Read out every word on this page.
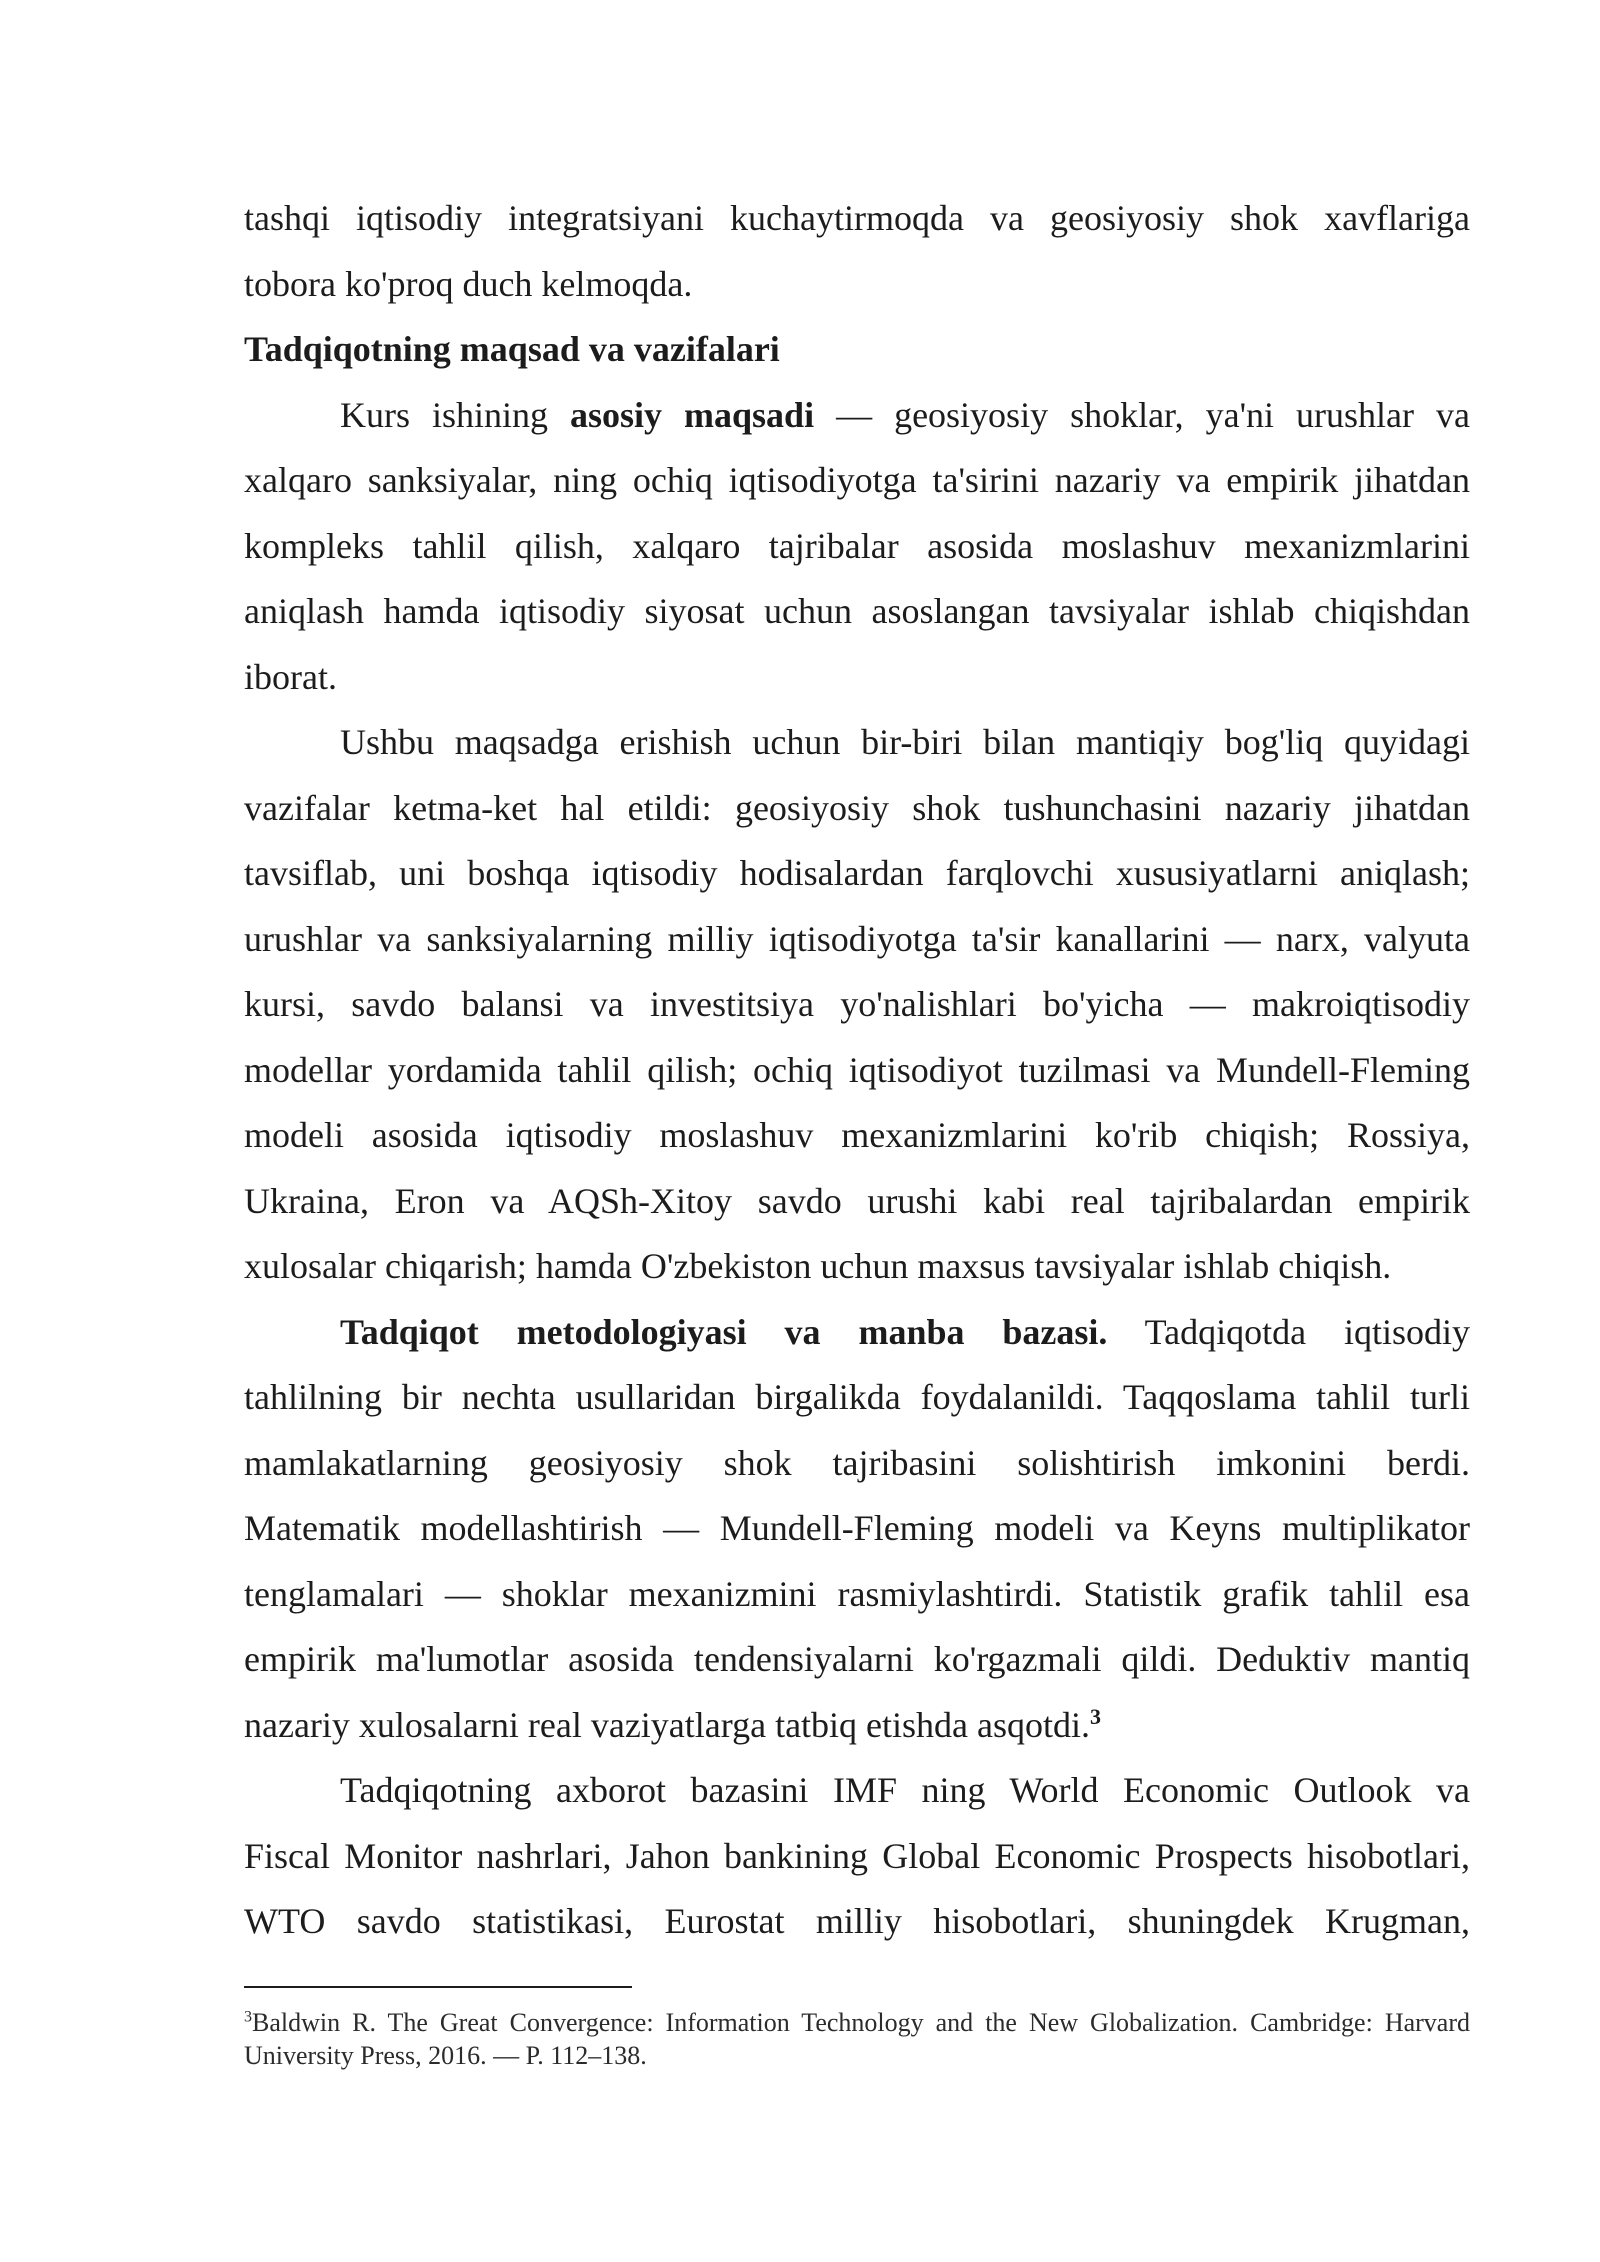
tashqi iqtisodiy integratsiyani kuchaytirmoqda va geosiyosiy shok xavflariga
tobora ko'proq duch kelmoqda.
Tadqiqotning maqsad va vazifalari
Kurs ishining asosiy maqsadi — geosiyosiy shoklar, ya'ni urushlar va
xalqaro sanksiyalar, ning ochiq iqtisodiyotga ta'sirini nazariy va empirik jihatdan
kompleks tahlil qilish, xalqaro tajribalar asosida moslashuv mexanizmlarini
aniqlash hamda iqtisodiy siyosat uchun asoslangan tavsiyalar ishlab chiqishdan
iborat.
Ushbu maqsadga erishish uchun bir-biri bilan mantiqiy bog'liq quyidagi
vazifalar ketma-ket hal etildi: geosiyosiy shok tushunchasini nazariy jihatdan
tavsiflab, uni boshqa iqtisodiy hodisalardan farqlovchi xususiyatlarni aniqlash;
urushlar va sanksiyalarning milliy iqtisodiyotga ta'sir kanallarini — narx, valyuta
kursi, savdo balansi va investitsiya yo'nalishlari bo'yicha — makroiqtisodiy
modellar yordamida tahlil qilish; ochiq iqtisodiyot tuzilmasi va Mundell-Fleming
modeli asosida iqtisodiy moslashuv mexanizmlarini ko'rib chiqish; Rossiya,
Ukraina, Eron va AQSh-Xitoy savdo urushi kabi real tajribalardan empirik
xulosalar chiqarish; hamda O'zbekiston uchun maxsus tavsiyalar ishlab chiqish.
Tadqiqot metodologiyasi va manba bazasi. Tadqiqotda iqtisodiy
tahlilning bir nechta usullaridan birgalikda foydalanildi. Taqqoslama tahlil turli
mamlakatlarning geosiyosiy shok tajribasini solishtirish imkonini berdi.
Matematik modellashtirish — Mundell-Fleming modeli va Keyns multiplikator
tenglamalari — shoklar mexanizmini rasmiylashtirdi. Statistik grafik tahlil esa
empirik ma'lumotlar asosida tendensiyalarni ko'rgazmali qildi. Deduktiv mantiq
nazariy xulosalarni real vaziyatlarga tatbiq etishda asqotdi.$^3$
Tadqiqotning axborot bazasini IMF ning World Economic Outlook va
Fiscal Monitor nashrlari, Jahon bankining Global Economic Prospects hisobotlari,
WTO savdo statistikasi, Eurostat milliy hisobotlari, shuningdek Krugman,
$^3$Baldwin R. The Great Convergence: Information Technology and the New Globalization. Cambridge: Harvard
University Press, 2016. — P. 112–138.
